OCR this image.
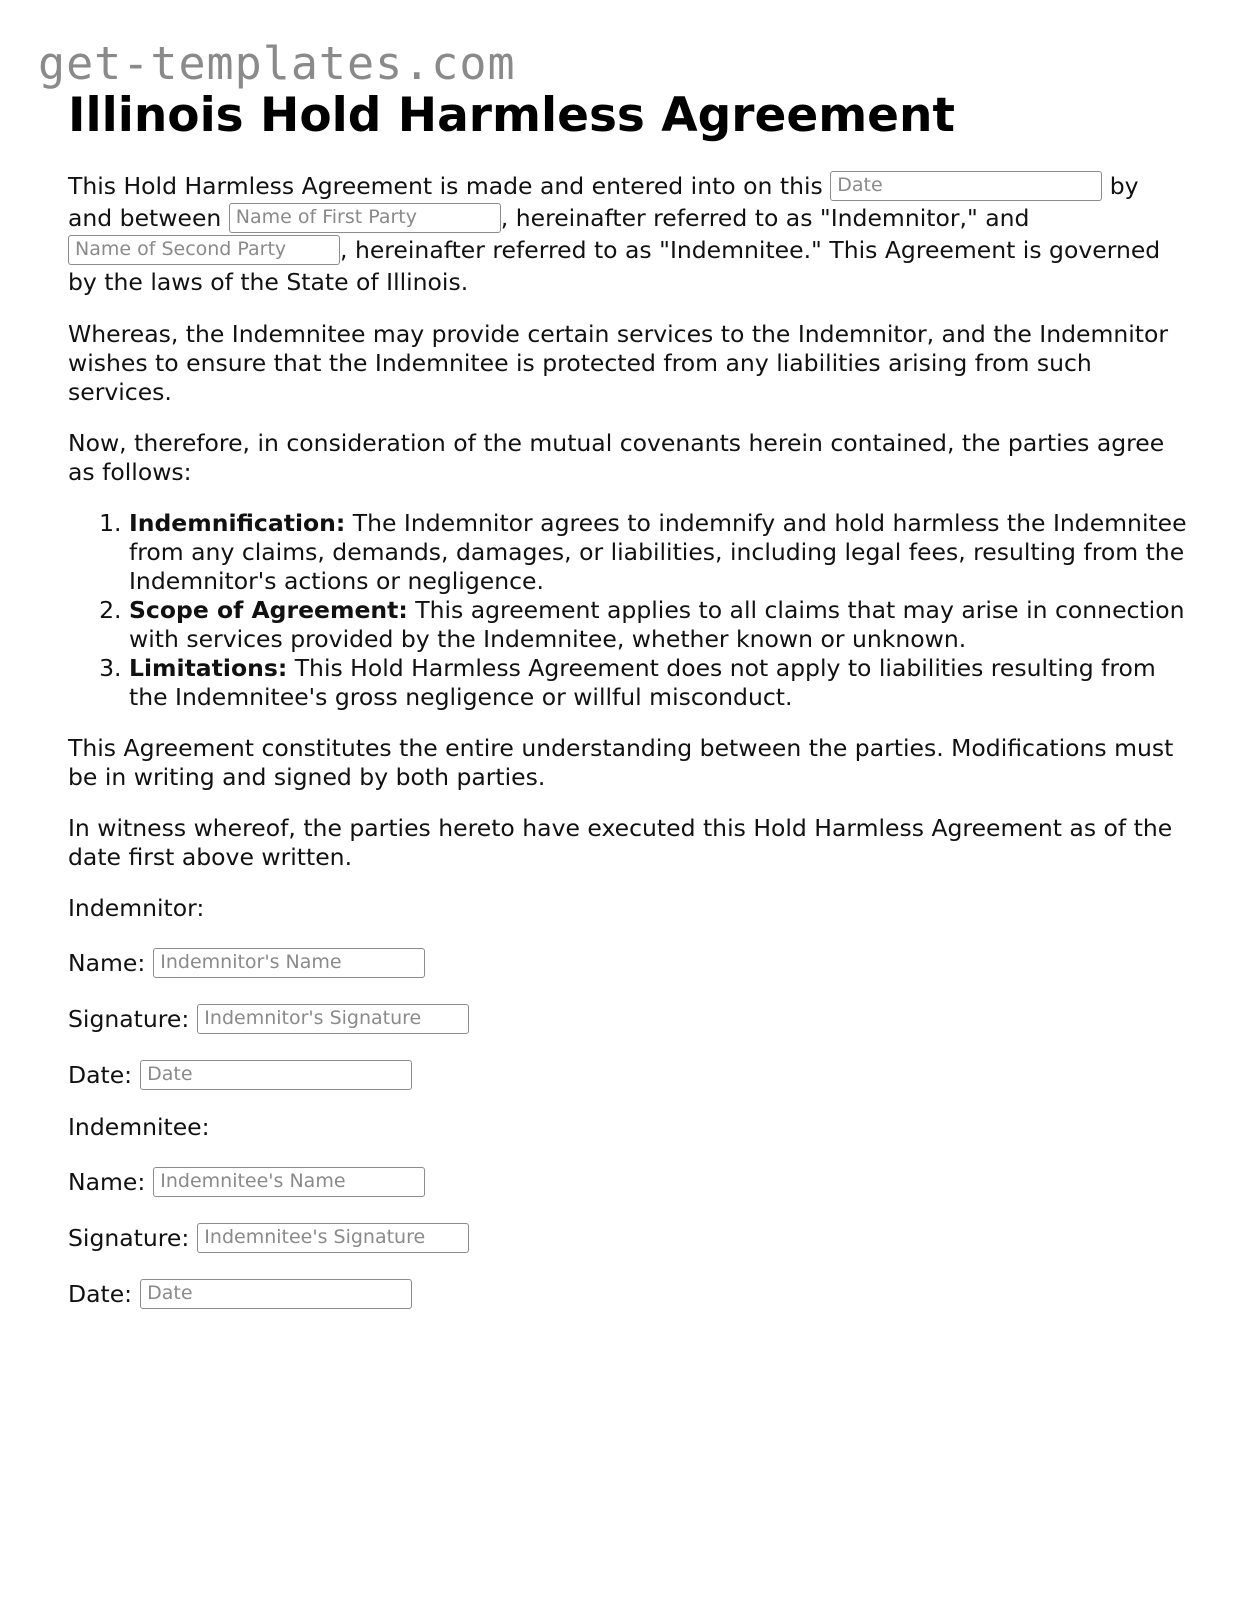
get-templates.com
Illinois Hold Harmless Agreement

This Hold Harmless Agreement is made and entered into on this Date	by and between Name of First Party	, hereinafter referred to as "Indemnitor," and Name of Second Party , hereinafter referred to as "Indemnitee." This Agreement is governed by the laws of the State of Illinois.

Whereas, the Indemnitee may provide certain services to the Indemnitor, and the Indemnitor wishes to ensure that the Indemnitee is protected from any liabilities arising from such services.

Now, therefore, in consideration of the mutual covenants herein contained, the parties agree as follows:

1. Indemnification: The Indemnitor agrees to indemnify and hold harmless the Indemnitee from any claims, demands, damages, or liabilities, including legal fees, resulting from the Indemnitor's actions or negligence.
2. Scope of Agreement: This agreement applies to all claims that may arise in connection with services provided by the Indemnitee, whether known or unknown.
3. Limitations: This Hold Harmless Agreement does not apply to liabilities resulting from the Indemnitee's gross negligence or willful misconduct.

This Agreement constitutes the entire understanding between the parties. Modifications must be in writing and signed by both parties.

In witness whereof, the parties hereto have executed this Hold Harmless Agreement as of the date first above written.

Indemnitor:
Name: Indemnitor's Name
Signature: Indemnitor's Signature
Date: Date
Indemnitee:
Name: Indemnitee's Name
Signature: Indemnitee's Signature
Date: Date
